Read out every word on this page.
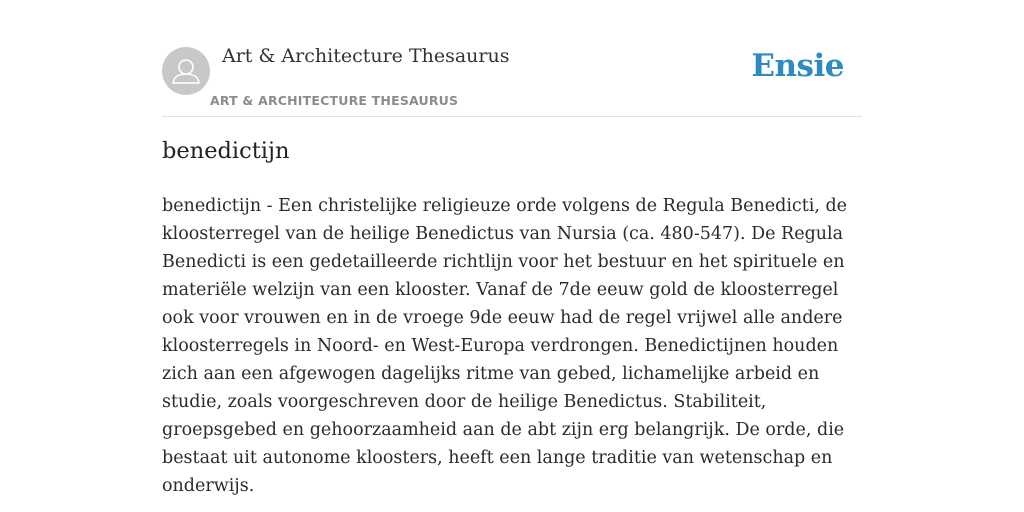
Art & Architecture Thesaurus
ART & ARCHITECTURE THESAURUS
Ensie
benedictijn

benedictijn - Een christelijke religieuze orde volgens de Regula Benedicti, de kloosterregel van de heilige Benedictus van Nursia (ca. 480-547). De Regula Benedicti is een gedetailleerde richtlijn voor het bestuur en het spirituele en materiële welzijn van een klooster. Vanaf de 7de eeuw gold de kloosterregel ook voor vrouwen en in de vroege 9de eeuw had de regel vrijwel alle andere kloosterregels in Noord- en West-Europa verdrongen. Benedictijnen houden zich aan een afgewogen dagelijks ritme van gebed, lichamelijke arbeid en studie, zoals voorgeschreven door de heilige Benedictus. Stabiliteit, groepsgebed en gehoorzaamheid aan de abt zijn erg belangrijk. De orde, die bestaat uit autonome kloosters, heeft een lange traditie van wetenschap en onderwijs.
